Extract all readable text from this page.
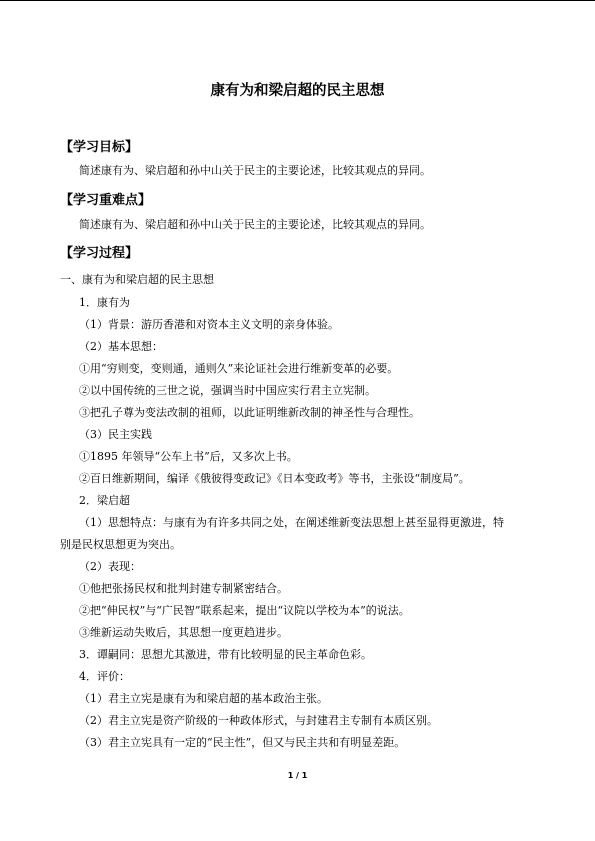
康有为和梁启超的民主思想
【学习目标】
简述康有为、梁启超和孙中山关于民主的主要论述，比较其观点的异同。
【学习重难点】
简述康有为、梁启超和孙中山关于民主的主要论述，比较其观点的异同。
【学习过程】
一、康有为和梁启超的民主思想
1．康有为
（1）背景：游历香港和对资本主义文明的亲身体验。
（2）基本思想：
①用“穷则变，变则通，通则久”来论证社会进行维新变革的必要。
②以中国传统的三世之说，强调当时中国应实行君主立宪制。
③把孔子尊为变法改制的祖师，以此证明维新改制的神圣性与合理性。
（3）民主实践
①1895 年领导“公车上书”后，又多次上书。
②百日维新期间，编译《俄彼得变政记》《日本变政考》等书，主张设“制度局”。
2．梁启超
（1）思想特点：与康有为有许多共同之处，在阐述维新变法思想上甚至显得更激进，特
别是民权思想更为突出。
（2）表现：
①他把张扬民权和批判封建专制紧密结合。
②把“伸民权”与“广民智”联系起来，提出“议院以学校为本”的说法。
③维新运动失败后，其思想一度更趋进步。
3．谭嗣同：思想尤其激进，带有比较明显的民主革命色彩。
4．评价：
（1）君主立宪是康有为和梁启超的基本政治主张。
（2）君主立宪是资产阶级的一种政体形式，与封建君主专制有本质区别。
（3）君主立宪具有一定的“民主性”，但又与民主共和有明显差距。
1 / 1
